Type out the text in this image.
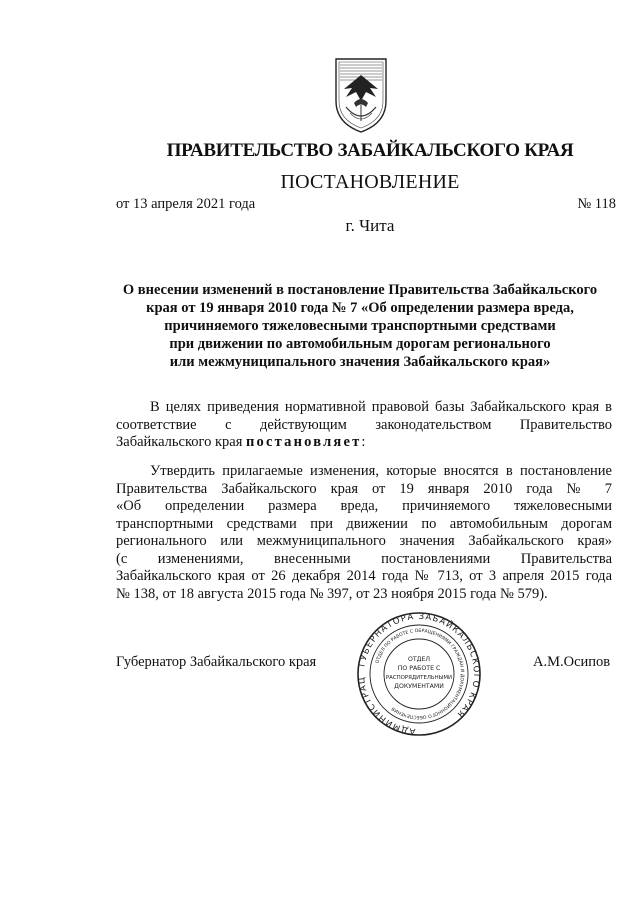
ПРАВИТЕЛЬСТВО ЗАБАЙКАЛЬСКОГО КРАЯ
ПОСТАНОВЛЕНИЕ
от 13 апреля 2021 года	№ 118
г. Чита
О внесении изменений в постановление Правительства Забайкальского
края от 19 января 2010 года № 7 «Об определении размера вреда,
причиняемого тяжеловесными транспортными средствами
при движении по автомобильным дорогам регионального
или межмуниципального значения Забайкальского края»
В целях приведения нормативной правовой базы Забайкальского края в
соответствие с действующим законодательством Правительство
Забайкальского края постановляет:
Утвердить прилагаемые изменения, которые вносятся в постановление
Правительства Забайкальского края от 19 января 2010 года № 7
«Об определении размера вреда, причиняемого тяжеловесными
транспортными средствами при движении по автомобильным дорогам
регионального или межмуниципального значения Забайкальского края»
(с изменениями, внесенными постановлениями Правительства
Забайкальского края от 26 декабря 2014 года № 713, от 3 апреля 2015 года
№ 138, от 18 августа 2015 года № 397, от 23 ноября 2015 года № 579).
Губернатор Забайкальского края	А.М.Осипов
ГУБЕРНАТОРА ЗАБАЙКАЛЬСКОГО КРАЯ
АДМИНИСТРАЦ
ОТДЕЛ ПО РАБОТЕ С ОБРАЩЕНИЯМИ ГРАЖДАН И ДОКУМЕНТАЦИОННОГО ОБЕСПЕЧЕНИЯ
ОТДЕЛ
ПО РАБОТЕ С
РАСПОРЯДИТЕЛЬНЫМИ
ДОКУМЕНТАМИ
